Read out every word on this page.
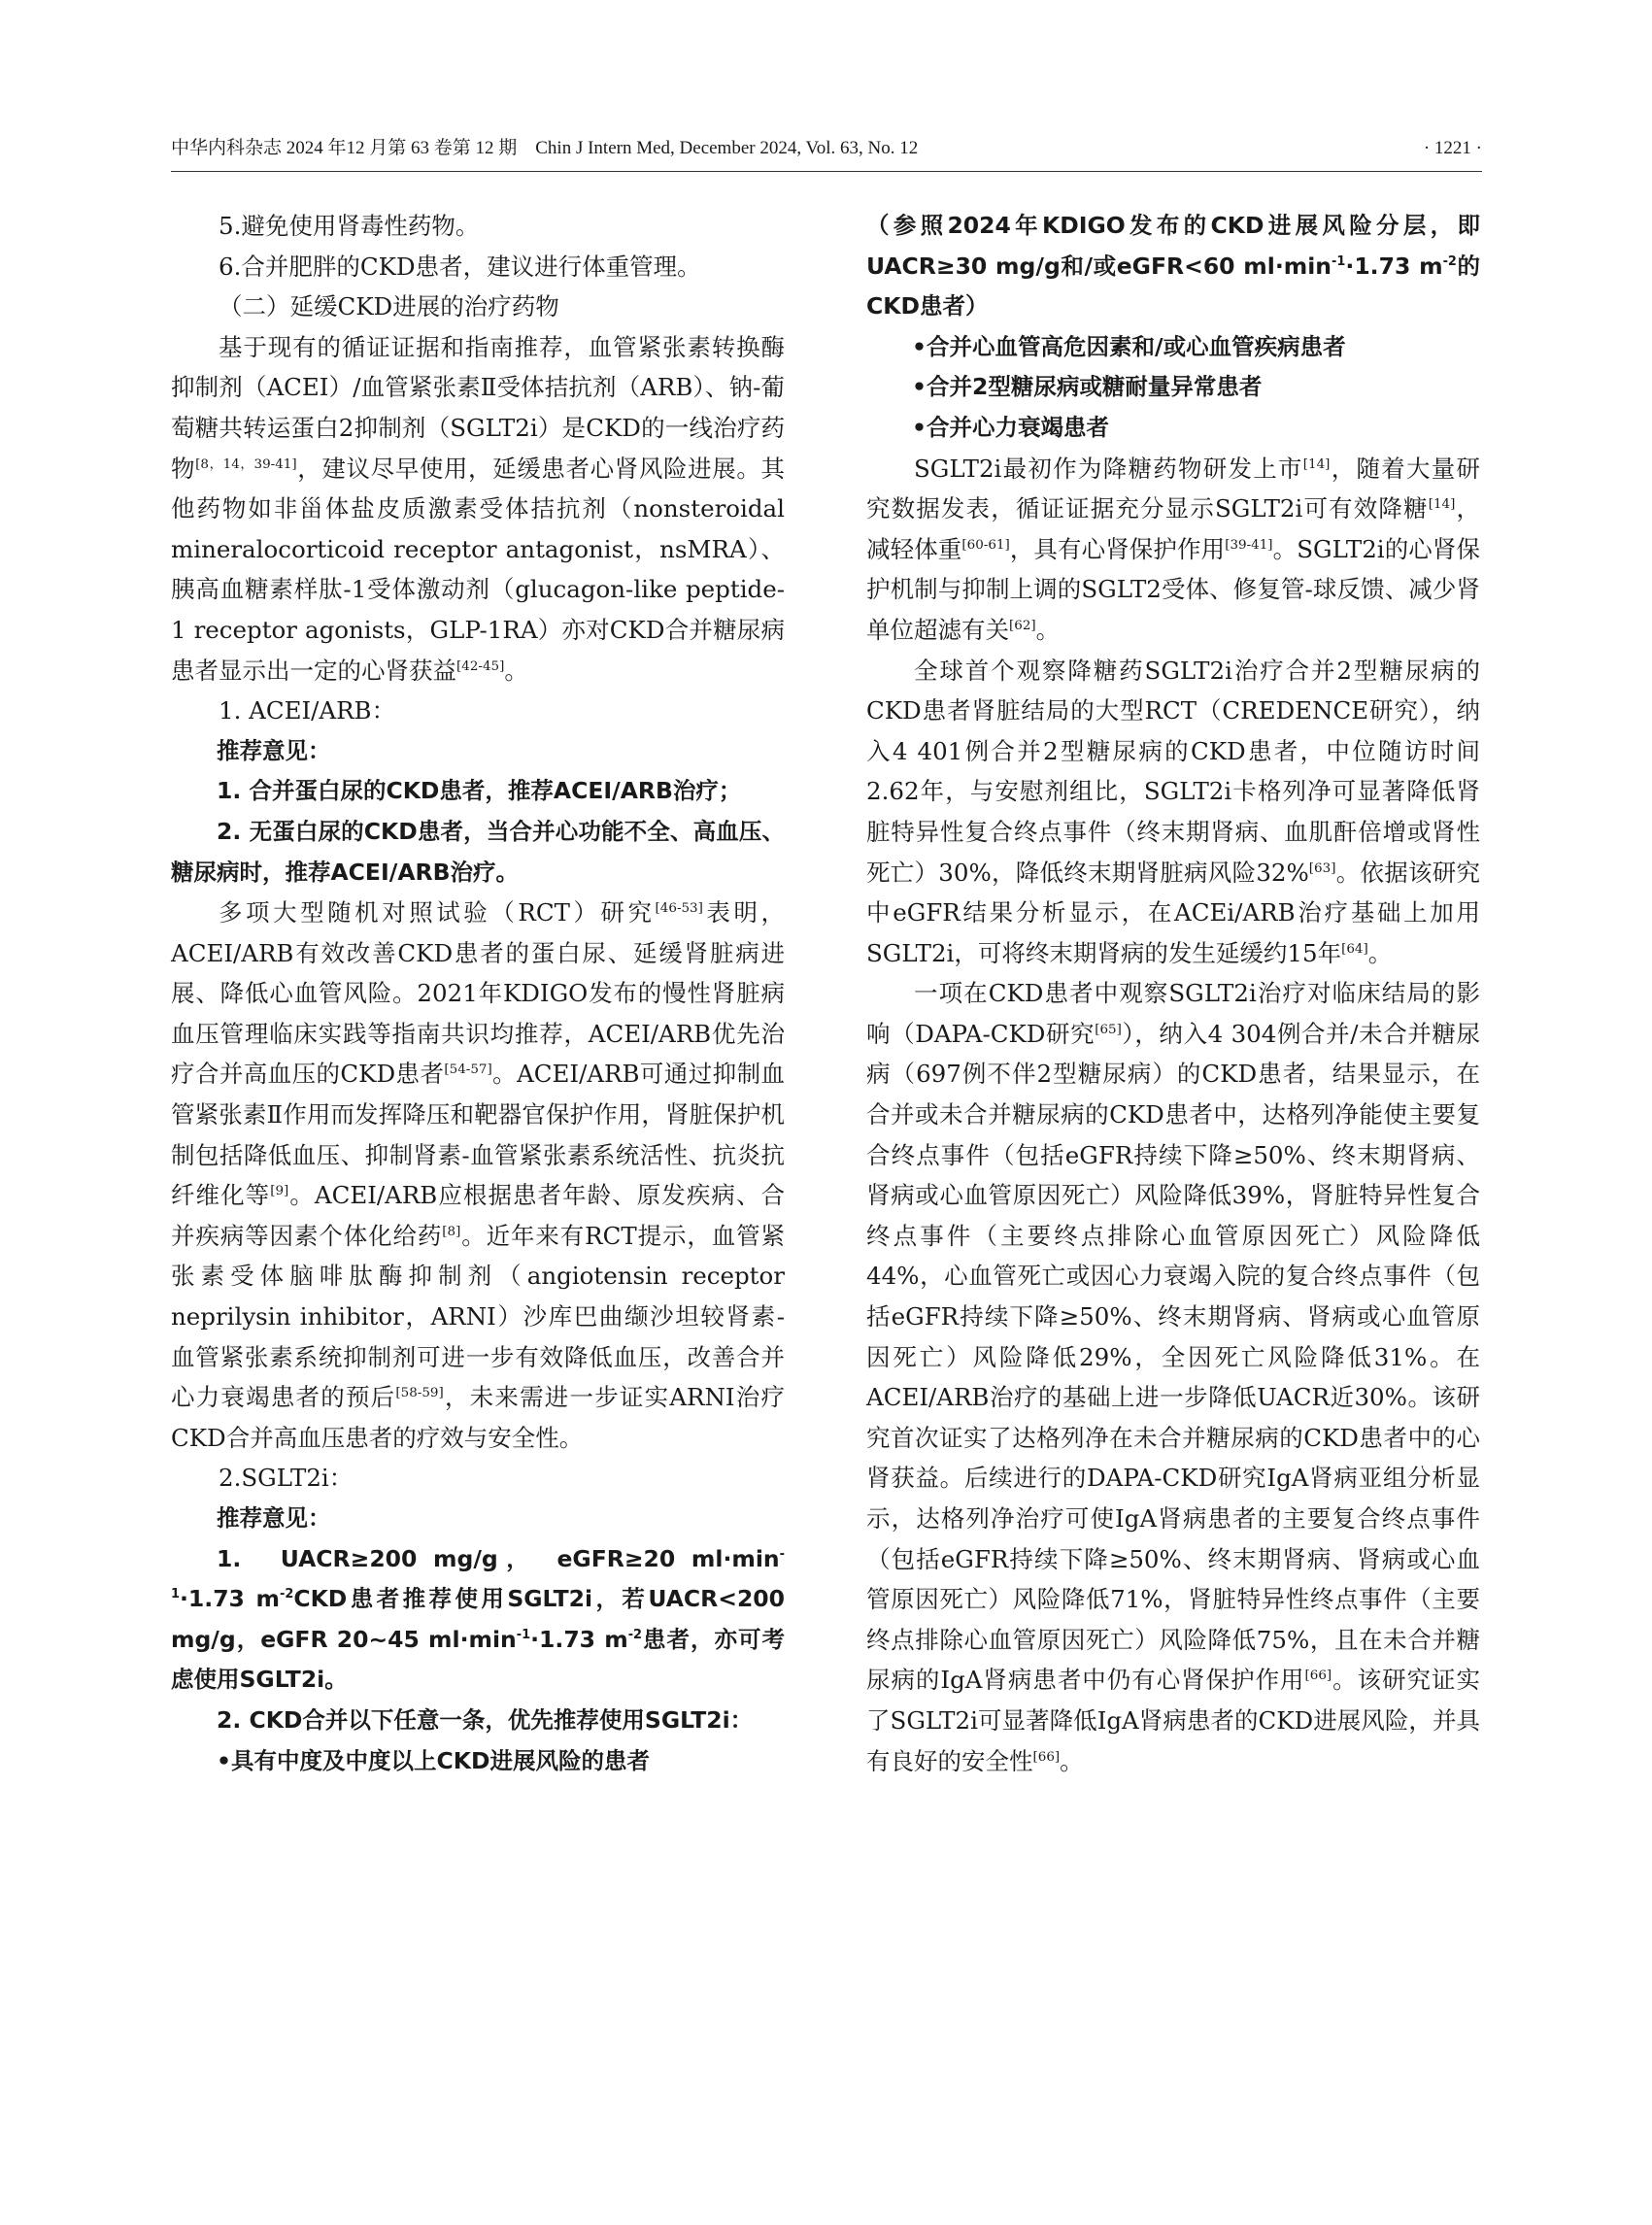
中华内科杂志 2024 年12 月第 63 卷第 12 期　Chin J Intern Med, December 2024, Vol. 63, No. 12	· 1221 ·

5.避免使用肾毒性药物。

6.合并肥胖的CKD患者，建议进行体重管理。

（二）延缓CKD进展的治疗药物

基于现有的循证证据和指南推荐，血管紧张素转换酶抑制剂（ACEI）/血管紧张素Ⅱ受体拮抗剂（ARB）、钠-葡萄糖共转运蛋白2抑制剂（SGLT2i）是CKD的一线治疗药物[8，14，39-41]，建议尽早使用，延缓患者心肾风险进展。其他药物如非甾体盐皮质激素受体拮抗剂（nonsteroidal mineralocorticoid receptor antagonist，nsMRA）、胰高血糖素样肽-1受体激动剂（glucagon-like peptide-1 receptor agonists，GLP-1RA）亦对CKD合并糖尿病患者显示出一定的心肾获益[42-45]。

1. ACEI/ARB：

推荐意见：

1. 合并蛋白尿的CKD患者，推荐ACEI/ARB治疗；

2. 无蛋白尿的CKD患者，当合并心功能不全、高血压、糖尿病时，推荐ACEI/ARB治疗。

多项大型随机对照试验（RCT）研究[46-53]表明，ACEI/ARB有效改善CKD患者的蛋白尿、延缓肾脏病进展、降低心血管风险。2021年KDIGO发布的慢性肾脏病血压管理临床实践等指南共识均推荐，ACEI/ARB优先治疗合并高血压的CKD患者[54-57]。ACEI/ARB可通过抑制血管紧张素Ⅱ作用而发挥降压和靶器官保护作用，肾脏保护机制包括降低血压、抑制肾素-血管紧张素系统活性、抗炎抗纤维化等[9]。ACEI/ARB应根据患者年龄、原发疾病、合并疾病等因素个体化给药[8]。近年来有RCT提示，血管紧张素受体脑啡肽酶抑制剂（angiotensin receptor neprilysin inhibitor，ARNI）沙库巴曲缬沙坦较肾素-血管紧张素系统抑制剂可进一步有效降低血压，改善合并心力衰竭患者的预后[58-59]，未来需进一步证实ARNI治疗CKD合并高血压患者的疗效与安全性。

2.SGLT2i：

推荐意见：

1.　UACR≥200 mg/g，　eGFR≥20 $ml\cdot\min^{-1}\cdot 1.73$ $m^{-2}CKD$患者推荐使用SGLT2i，若UACR<200 mg/g，eGFR 20~45 $ml\cdot\min^{-1}\cdot 1.73$ $m^{-2}$患者，亦可考虑使用SGLT2i。

2. CKD合并以下任意一条，优先推荐使用SGLT2i：

•具有中度及中度以上CKD进展风险的患者

（参照2024年KDIGO发布的CKD进展风险分层，即UACR≥30 mg/g和/或eGFR<60 $ml\cdot\min^{-1}\cdot 1.73$ $m^{-2}$的CKD患者）

•合并心血管高危因素和/或心血管疾病患者

•合并2型糖尿病或糖耐量异常患者

•合并心力衰竭患者

SGLT2i最初作为降糖药物研发上市[14]，随着大量研究数据发表，循证证据充分显示SGLT2i可有效降糖[14]，减轻体重[60-61]，具有心肾保护作用[39-41]。SGLT2i的心肾保护机制与抑制上调的SGLT2受体、修复管-球反馈、减少肾单位超滤有关[62]。

全球首个观察降糖药SGLT2i治疗合并2型糖尿病的CKD患者肾脏结局的大型RCT（CREDENCE研究），纳入4 401例合并2型糖尿病的CKD患者，中位随访时间2.62年，与安慰剂组比，SGLT2i卡格列净可显著降低肾脏特异性复合终点事件（终末期肾病、血肌酐倍增或肾性死亡）30%，降低终末期肾脏病风险32%[63]。依据该研究中eGFR结果分析显示，在ACEi/ARB治疗基础上加用SGLT2i，可将终末期肾病的发生延缓约15年[64]。

一项在CKD患者中观察SGLT2i治疗对临床结局的影响（DAPA-CKD研究[65]），纳入4 304例合并/未合并糖尿病（697例不伴2型糖尿病）的CKD患者，结果显示，在合并或未合并糖尿病的CKD患者中，达格列净能使主要复合终点事件（包括eGFR持续下降≥50%、终末期肾病、肾病或心血管原因死亡）风险降低39%，肾脏特异性复合终点事件（主要终点排除心血管原因死亡）风险降低44%，心血管死亡或因心力衰竭入院的复合终点事件（包括eGFR持续下降≥50%、终末期肾病、肾病或心血管原因死亡）风险降低29%，全因死亡风险降低31%。在ACEI/ARB治疗的基础上进一步降低UACR近30%。该研究首次证实了达格列净在未合并糖尿病的CKD患者中的心肾获益。后续进行的DAPA-CKD研究IgA肾病亚组分析显示，达格列净治疗可使IgA肾病患者的主要复合终点事件（包括eGFR持续下降≥50%、终末期肾病、肾病或心血管原因死亡）风险降低71%，肾脏特异性终点事件（主要终点排除心血管原因死亡）风险降低75%，且在未合并糖尿病的IgA肾病患者中仍有心肾保护作用[66]。该研究证实了SGLT2i可显著降低IgA肾病患者的CKD进展风险，并具有良好的安全性[66]。
